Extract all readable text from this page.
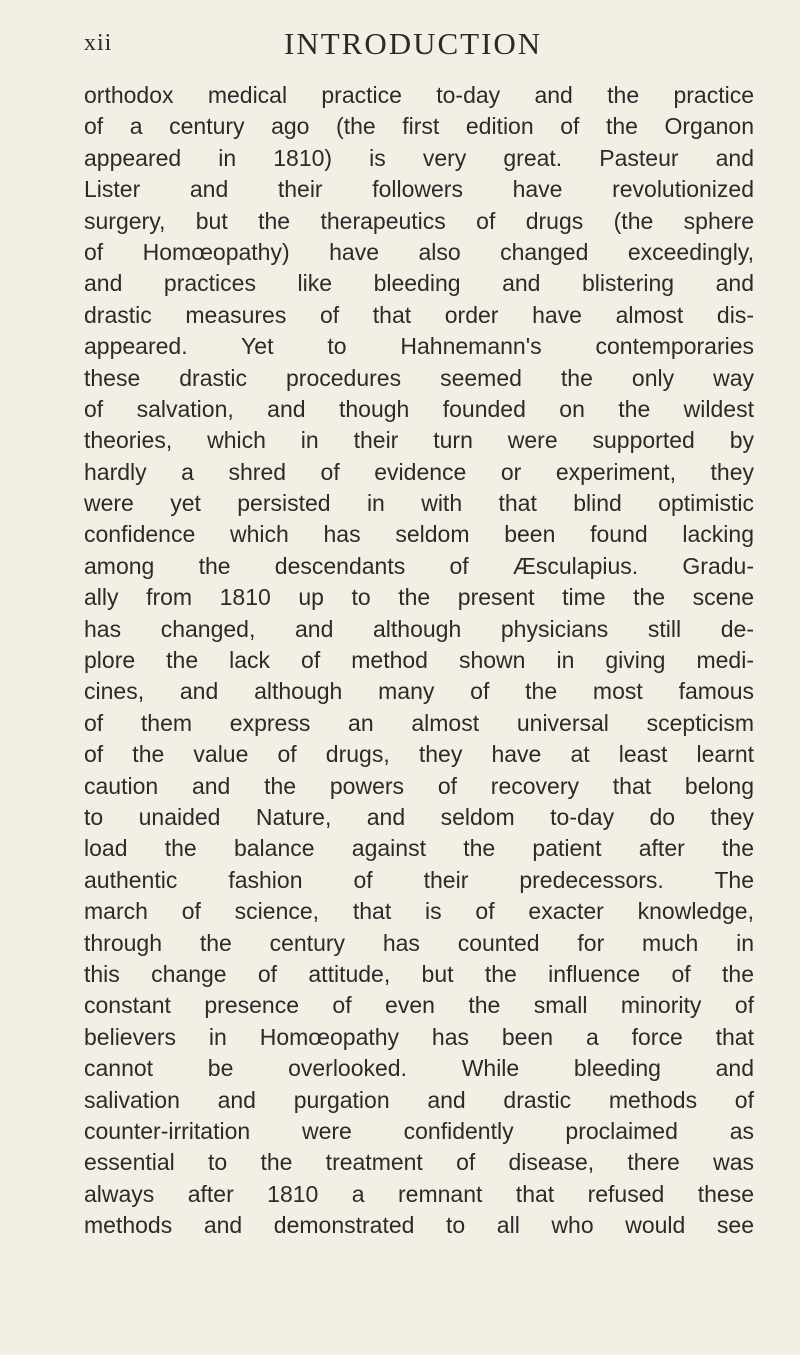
xii	INTRODUCTION
orthodox medical practice to-day and the practice
of a century ago (the first edition of the Organon
appeared in 1810) is very great. Pasteur and
Lister and their followers have revolutionized
surgery, but the therapeutics of drugs (the sphere
of Homœopathy) have also changed exceedingly,
and practices like bleeding and blistering and
drastic measures of that order have almost dis-
appeared. Yet to Hahnemann's contemporaries
these drastic procedures seemed the only way
of salvation, and though founded on the wildest
theories, which in their turn were supported by
hardly a shred of evidence or experiment, they
were yet persisted in with that blind optimistic
confidence which has seldom been found lacking
among the descendants of Æsculapius. Gradu-
ally from 1810 up to the present time the scene
has changed, and although physicians still de-
plore the lack of method shown in giving medi-
cines, and although many of the most famous
of them express an almost universal scepticism
of the value of drugs, they have at least learnt
caution and the powers of recovery that belong
to unaided Nature, and seldom to-day do they
load the balance against the patient after the
authentic fashion of their predecessors. The
march of science, that is of exacter knowledge,
through the century has counted for much in
this change of attitude, but the influence of the
constant presence of even the small minority of
believers in Homœopathy has been a force that
cannot be overlooked. While bleeding and
salivation and purgation and drastic methods of
counter-irritation were confidently proclaimed as
essential to the treatment of disease, there was
always after 1810 a remnant that refused these
methods and demonstrated to all who would see
